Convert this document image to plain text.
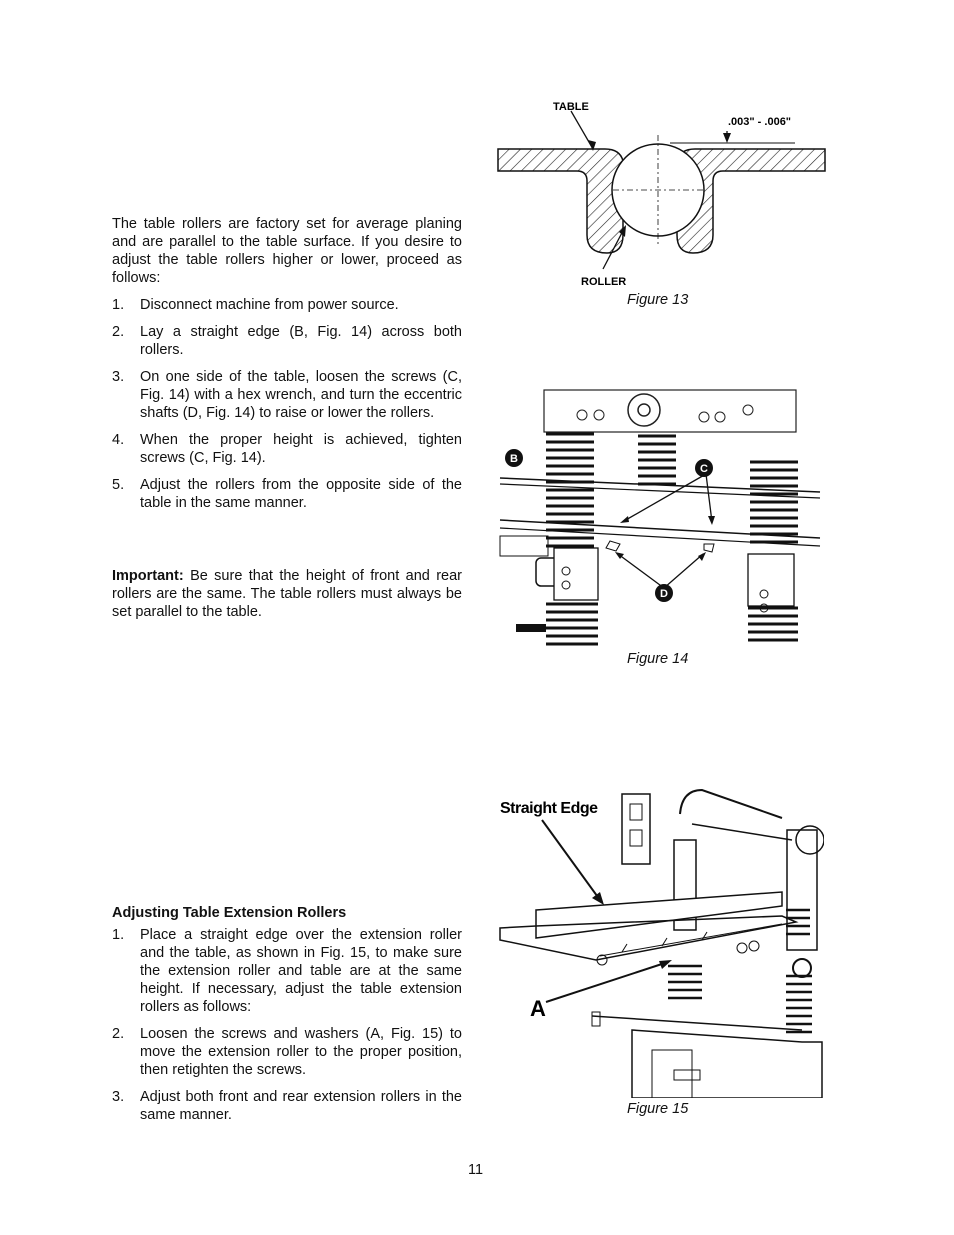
The table rollers are factory set for average planing and are parallel to the table surface. If you desire to adjust the table rollers higher or lower, proceed as follows:
1.	Disconnect machine from power source.
2.	Lay a straight edge (B, Fig. 14) across both rollers.
3.	On one side of the table, loosen the screws (C, Fig. 14) with a hex wrench, and turn the eccentric shafts (D, Fig. 14) to raise or lower the rollers.
4.	When the proper height is achieved, tighten screws (C, Fig. 14).
5.	Adjust the rollers from the opposite side of the table in the same manner.
Important: Be sure that the height of front and rear rollers are the same. The table rollers must always be set parallel to the table.
Adjusting Table Extension Rollers
1.	Place a straight edge over the extension roller and the table, as shown in Fig. 15, to make sure the extension roller and table are at the same height. If necessary, adjust the table extension rollers as follows:
2.	Loosen the screws and washers (A, Fig. 15) to move the extension roller to the proper position, then retighten the screws.
3.	Adjust both front and rear extension rollers in the same manner.
TABLE
.003" - .006"
ROLLER
Figure 13
B
C
D
Figure 14
Straight Edge
A
Figure 15
11
